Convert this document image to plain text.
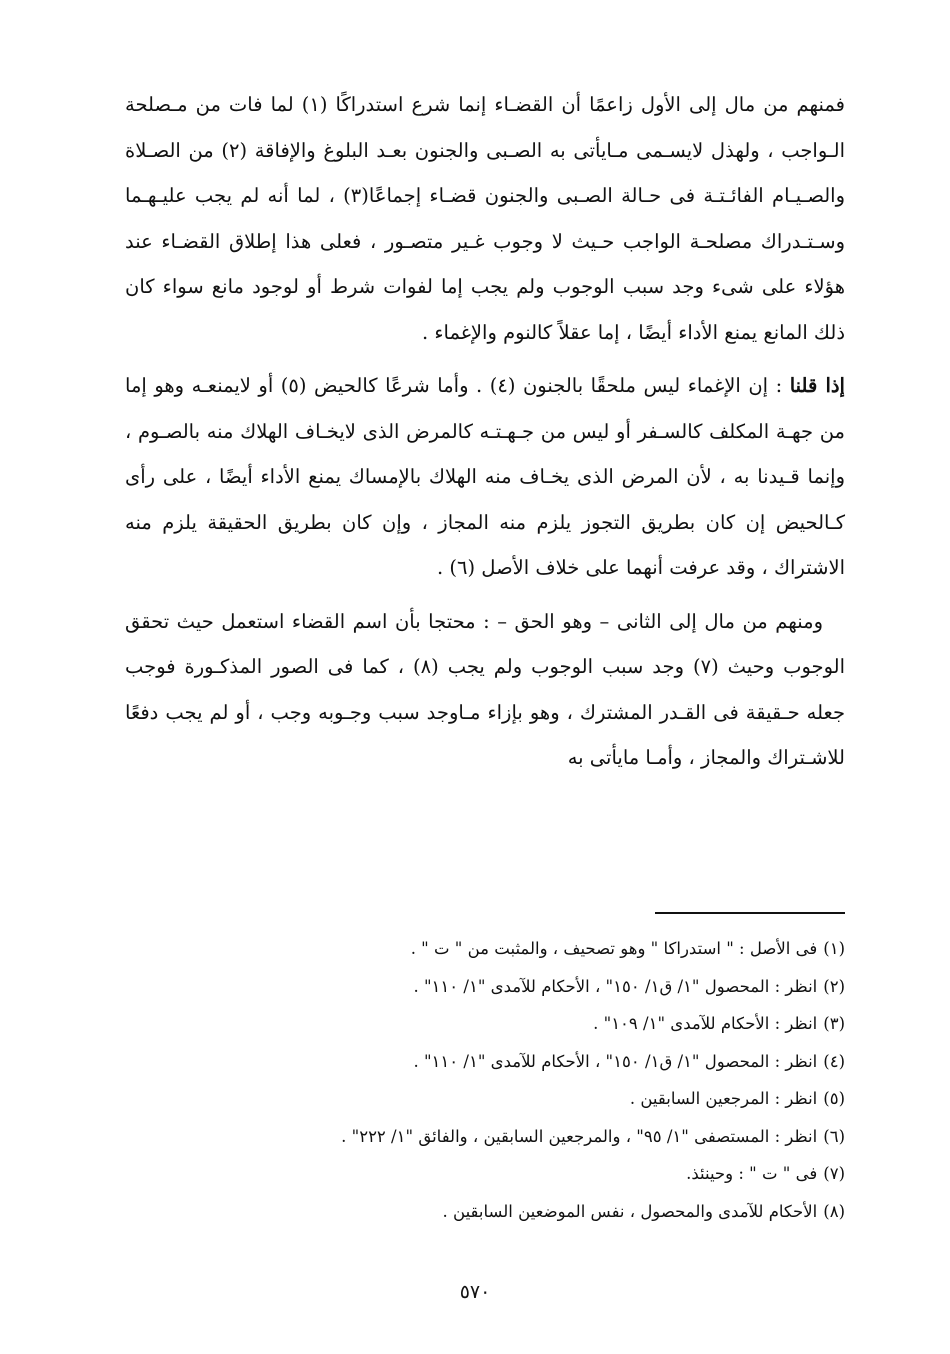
فمنهم من مال إلى الأول زاعمًا أن القضـاء إنما شرع استدراكًا (١) لما فات من مـصلحة الـواجب ، ولهذل لايسـمى مـايأتى به الصـبى والجنون بعـد البلوغ والإفاقة (٢) من الصـلاة والصـيـام الفائـتـة فى حـالة الصـبى والجنون قضـاء إجماعًا(٣) ، لما أنه لم يجب عليـهـما وسـتـدراك مصلحـة الواجب حـيث لا وجوب غـير متصـور ، فعلى هذا إطلاق القضـاء عند هؤلاء على شىء وجد سبب الوجوب ولم يجب إما لفوات شرط أو لوجود مانع سواء كان ذلك المانع يمنع الأداء أيضًا ، إما عقلاً كالنوم والإغماء .

إذا قلنا : إن الإغماء ليس ملحقًا بالجنون (٤) . وأما شرعًا كالحيض (٥) أو لايمنعـه وهو إما من جهـة المكلف كالسـفر أو ليس من جـهـتـه كالمرض الذى لايخـاف الهلاك منه بالصـوم ، وإنما قـيدنا به ، لأن المرض الذى يخـاف منه الهلاك بالإمساك يمنع الأداء أيضًا ، على رأى كـالحيض إن كان بطريق التجوز يلزم منه المجاز ، وإن كان بطريق الحقيقة يلزم منه الاشتراك ، وقد عرفت أنهما على خلاف الأصل (٦) .

ومنهم من مال إلى الثانى – وهو الحق – : محتجا بأن اسم القضاء استعمل حيث تحقق الوجوب وحيث (٧) وجد سبب الوجوب ولم يجب (٨) ، كما فى الصور المذكـورة فوجب جعله حـقيقة فى القـدر المشترك ، وهو بإزاء مـاوجد سبب وجـوبه وجب ، أو لم يجب دفعًا للاشـتراك والمجاز ، وأمـا مايأتى به

(١)فى الأصل : " استدراكا " وهو تصحيف ، والمثبت من " ت " .
(٢)انظر : المحصول "١/ ق١/ ١٥٠" ، الأحكام للآمدى "١/ ١١٠" .
(٣)انظر : الأحكام للآمدى "١/ ١٠٩" .
(٤)انظر : المحصول "١/ ق١/ ١٥٠" ، الأحكام للآمدى "١/ ١١٠" .
(٥)انظر : المرجعين السابقين .
(٦)انظر : المستصفى "١/ ٩٥" ، والمرجعين السابقين ، والفائق "١/ ٢٢٢" .
(٧)فى " ت " : وحينئذ.
(٨)الأحكام للآمدى والمحصول ، نفس الموضعين السابقين .
٥٧٠
